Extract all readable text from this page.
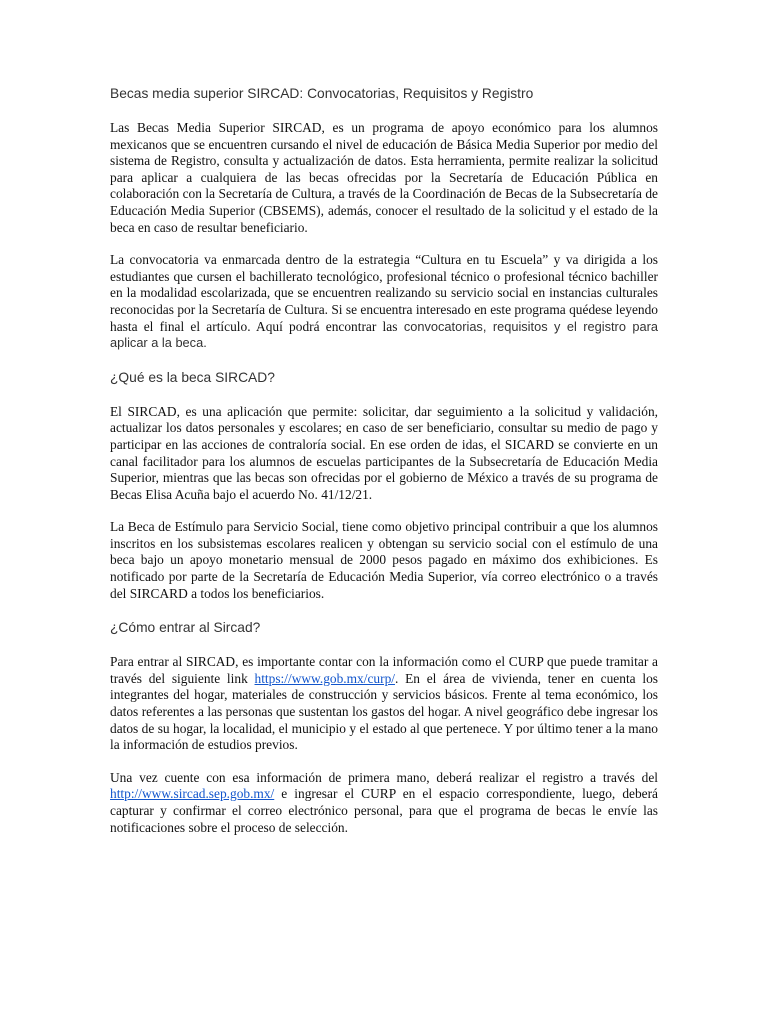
Becas media superior SIRCAD: Convocatorias, Requisitos y Registro

Las Becas Media Superior SIRCAD, es un programa de apoyo económico para los alumnos mexicanos que se encuentren cursando el nivel de educación de Básica Media Superior por medio del sistema de Registro, consulta y actualización de datos. Esta herramienta, permite realizar la solicitud para aplicar a cualquiera de las becas ofrecidas por la Secretaría de Educación Pública en colaboración con la Secretaría de Cultura, a través de la Coordinación de Becas de la Subsecretaría de Educación Media Superior (CBSEMS), además, conocer el resultado de la solicitud y el estado de la beca en caso de resultar beneficiario.

La convocatoria va enmarcada dentro de la estrategia “Cultura en tu Escuela” y va dirigida a los estudiantes que cursen el bachillerato tecnológico, profesional técnico o profesional técnico bachiller en la modalidad escolarizada, que se encuentren realizando su servicio social en instancias culturales reconocidas por la Secretaría de Cultura. Si se encuentra interesado en este programa quédese leyendo hasta el final el artículo. Aquí podrá encontrar las convocatorias, requisitos y el registro para aplicar a la beca.

¿Qué es la beca SIRCAD?

El SIRCAD, es una aplicación que permite: solicitar, dar seguimiento a la solicitud y validación, actualizar los datos personales y escolares; en caso de ser beneficiario, consultar su medio de pago y participar en las acciones de contraloría social. En ese orden de idas, el SICARD se convierte en un canal facilitador para los alumnos de escuelas participantes de la Subsecretaría de Educación Media Superior, mientras que las becas son ofrecidas por el gobierno de México a través de su programa de Becas Elisa Acuña bajo el acuerdo No. 41/12/21.

La Beca de Estímulo para Servicio Social, tiene como objetivo principal contribuir a que los alumnos inscritos en los subsistemas escolares realicen y obtengan su servicio social con el estímulo de una beca bajo un apoyo monetario mensual de 2000 pesos pagado en máximo dos exhibiciones. Es notificado por parte de la Secretaría de Educación Media Superior, vía correo electrónico o a través del SIRCARD a todos los beneficiarios.

¿Cómo entrar al Sircad?

Para entrar al SIRCAD, es importante contar con la información como el CURP que puede tramitar a través del siguiente link https://www.gob.mx/curp/. En el área de vivienda, tener en cuenta los integrantes del hogar, materiales de construcción y servicios básicos. Frente al tema económico, los datos referentes a las personas que sustentan los gastos del hogar. A nivel geográfico debe ingresar los datos de su hogar, la localidad, el municipio y el estado al que pertenece. Y por último tener a la mano la información de estudios previos.

Una vez cuente con esa información de primera mano, deberá realizar el registro a través del http://www.sircad.sep.gob.mx/ e ingresar el CURP en el espacio correspondiente, luego, deberá capturar y confirmar el correo electrónico personal, para que el programa de becas le envíe las notificaciones sobre el proceso de selección.
